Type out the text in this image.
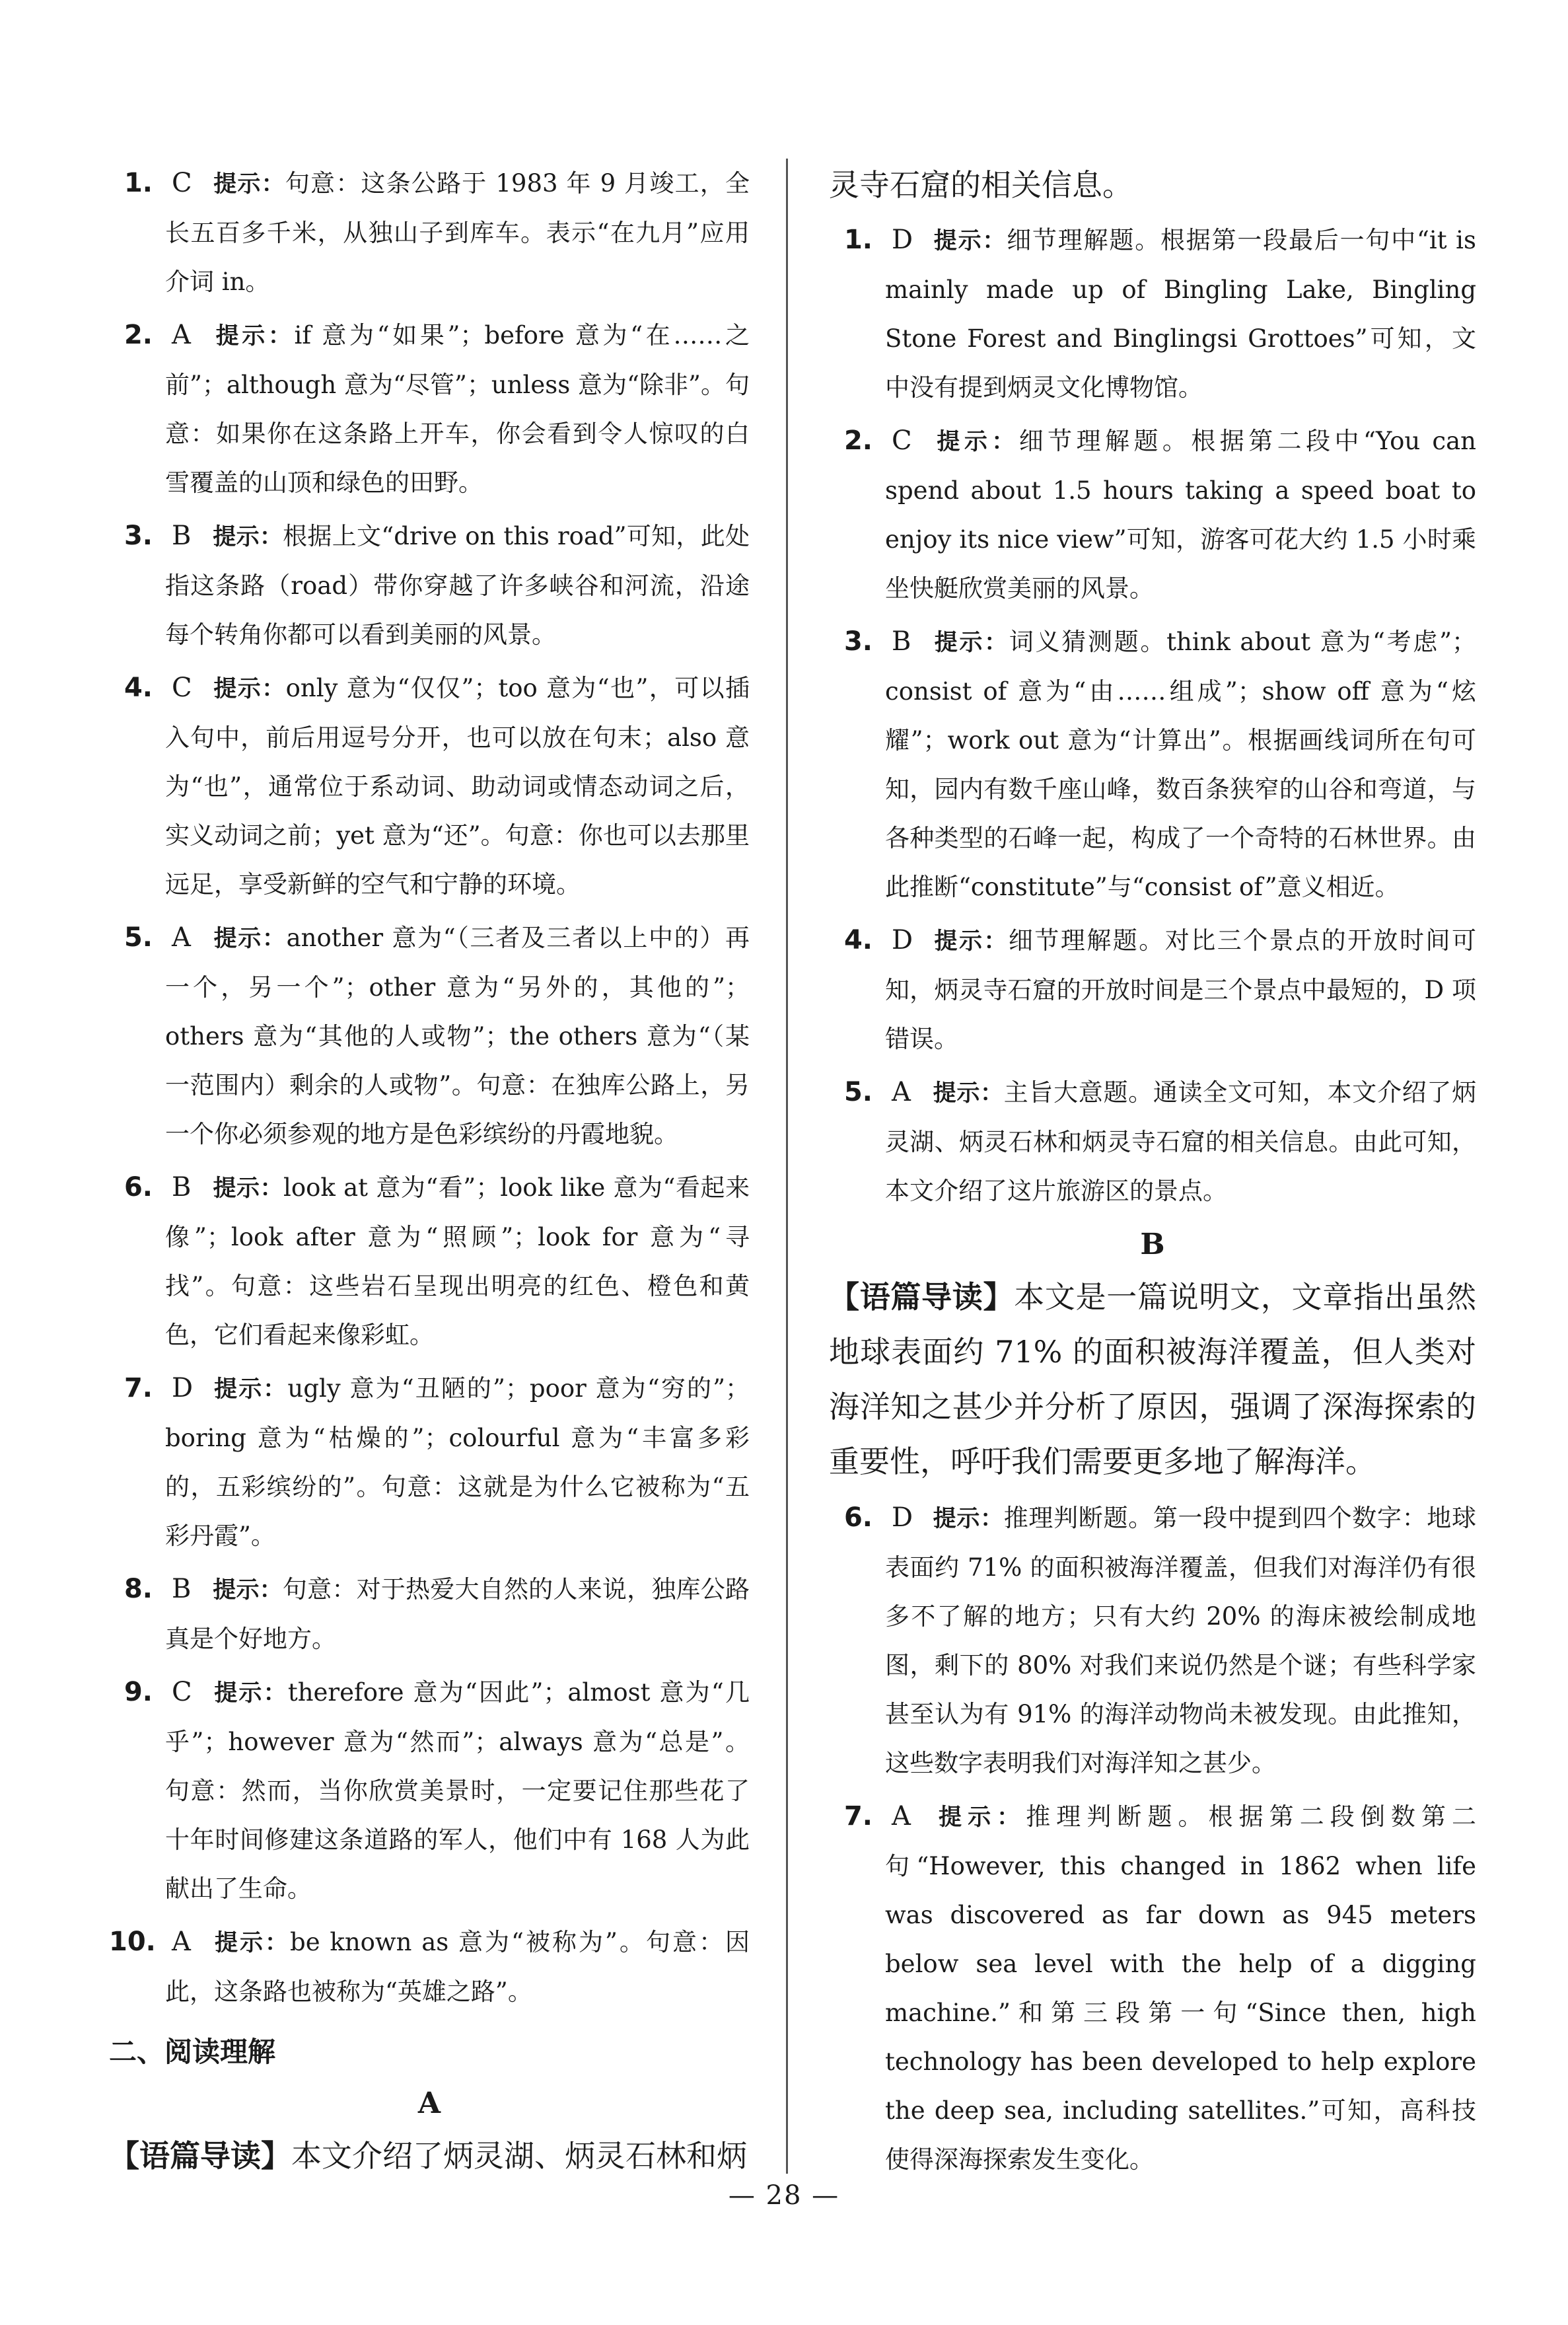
1. C 提示：句意：这条公路于 1983 年 9 月竣工，全长五百多千米，从独山子到库车。表示“在九月”应用介词 in。
2. A 提示：if 意为“如果”；before 意为“在……之前”；although 意为“尽管”；unless 意为“除非”。句意：如果你在这条路上开车，你会看到令人惊叹的白雪覆盖的山顶和绿色的田野。
3. B 提示：根据上文“drive on this road”可知，此处指这条路（road）带你穿越了许多峡谷和河流，沿途每个转角你都可以看到美丽的风景。
4. C 提示：only 意为“仅仅”；too 意为“也”，可以插入句中，前后用逗号分开，也可以放在句末；also 意为“也”，通常位于系动词、助动词或情态动词之后，实义动词之前；yet 意为“还”。句意：你也可以去那里远足，享受新鲜的空气和宁静的环境。
5. A 提示：another 意为“（三者及三者以上中的）再一个，另一个”；other 意为“另外的，其他的”；others 意为“其他的人或物”；the others 意为“（某一范围内）剩余的人或物”。句意：在独库公路上，另一个你必须参观的地方是色彩缤纷的丹霞地貌。
6. B 提示：look at 意为“看”；look like 意为“看起来像”；look after 意为“照顾”；look for 意为“寻找”。句意：这些岩石呈现出明亮的红色、橙色和黄色，它们看起来像彩虹。
7. D 提示：ugly 意为“丑陋的”；poor 意为“穷的”；boring 意为“枯燥的”；colourful 意为“丰富多彩的，五彩缤纷的”。句意：这就是为什么它被称为“五彩丹霞”。
8. B 提示：句意：对于热爱大自然的人来说，独库公路真是个好地方。
9. C 提示：therefore 意为“因此”；almost 意为“几乎”；however 意为“然而”；always 意为“总是”。句意：然而，当你欣赏美景时，一定要记住那些花了十年时间修建这条道路的军人，他们中有 168 人为此献出了生命。
10. A 提示：be known as 意为“被称为”。句意：因此，这条路也被称为“英雄之路”。
二、阅读理解
A
【语篇导读】本文介绍了炳灵湖、炳灵石林和炳
灵寺石窟的相关信息。
1. D 提示：细节理解题。根据第一段最后一句中“it is mainly made up of Bingling Lake, Bingling Stone Forest and Binglingsi Grottoes”可知，文中没有提到炳灵文化博物馆。
2. C 提示：细节理解题。根据第二段中“You can spend about 1.5 hours taking a speed boat to enjoy its nice view”可知，游客可花大约 1.5 小时乘坐快艇欣赏美丽的风景。
3. B 提示：词义猜测题。think about 意为“考虑”；consist of 意为“由……组成”；show off 意为“炫耀”；work out 意为“计算出”。根据画线词所在句可知，园内有数千座山峰，数百条狭窄的山谷和弯道，与各种类型的石峰一起，构成了一个奇特的石林世界。由此推断“constitute”与“consist of”意义相近。
4. D 提示：细节理解题。对比三个景点的开放时间可知，炳灵寺石窟的开放时间是三个景点中最短的，D 项错误。
5. A 提示：主旨大意题。通读全文可知，本文介绍了炳灵湖、炳灵石林和炳灵寺石窟的相关信息。由此可知，本文介绍了这片旅游区的景点。
B
【语篇导读】本文是一篇说明文，文章指出虽然地球表面约 71% 的面积被海洋覆盖，但人类对海洋知之甚少并分析了原因，强调了深海探索的重要性，呼吁我们需要更多地了解海洋。
6. D 提示：推理判断题。第一段中提到四个数字：地球表面约 71% 的面积被海洋覆盖，但我们对海洋仍有很多不了解的地方；只有大约 20% 的海床被绘制成地图，剩下的 80% 对我们来说仍然是个谜；有些科学家甚至认为有 91% 的海洋动物尚未被发现。由此推知，这些数字表明我们对海洋知之甚少。
7. A 提示：推理判断题。根据第二段倒数第二句“However, this changed in 1862 when life was discovered as far down as 945 meters below sea level with the help of a digging machine.”和第三段第一句“Since then, high technology has been developed to help explore the deep sea, including satellites.”可知，高科技使得深海探索发生变化。
— 28 —
